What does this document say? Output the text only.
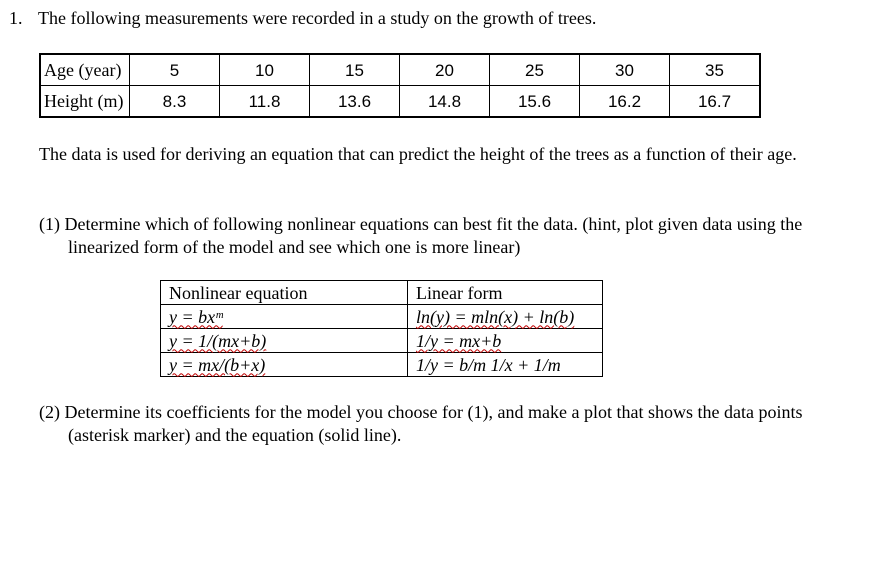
1. The following measurements were recorded in a study on the growth of trees.
Age (year)	5	10	15	20	25	30	35
Height (m)	8.3	11.8	13.6	14.8	15.6	16.2	16.7
The data is used for deriving an equation that can predict the height of the trees as a function of their age.
(1) Determine which of following nonlinear equations can best fit the data. (hint, plot given data using the linearized form of the model and see which one is more linear)
Nonlinear equation	Linear form
y = bxᵐ	ln(y) = mln(x) + ln(b)
y = 1/(mx+b)	1/y = mx+b
y = mx/(b+x)	1/y = b/m 1/x + 1/m
(2) Determine its coefficients for the model you choose for (1), and make a plot that shows the data points (asterisk marker) and the equation (solid line).
